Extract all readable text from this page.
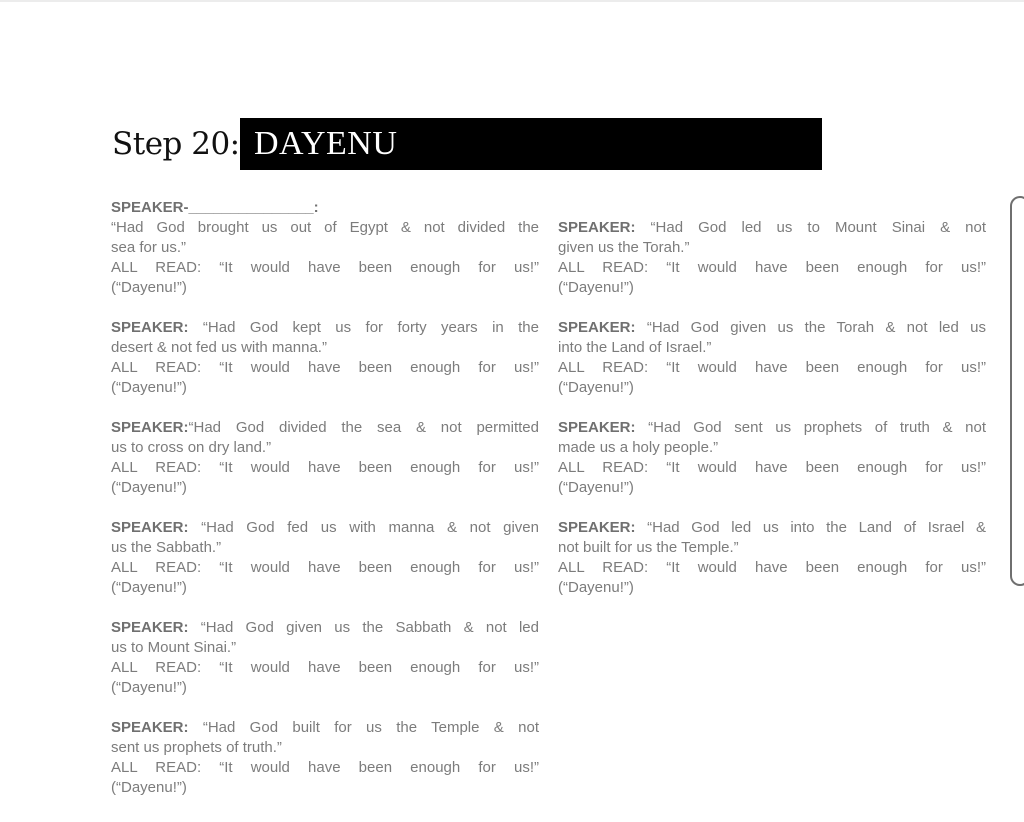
Step 20: DAYENU
SPEAKER-_______________:
“Had God brought us out of Egypt & not divided the
sea for us.”
ALL READ: “It would have been enough for us!”
(“Dayenu!”)
SPEAKER: “Had God kept us for forty years in the
desert & not fed us with manna.”
ALL READ: “It would have been enough for us!”
(“Dayenu!”)
SPEAKER:“Had God divided the sea & not permitted
us to cross on dry land.”
ALL READ: “It would have been enough for us!”
(“Dayenu!”)
SPEAKER: “Had God fed us with manna & not given
us the Sabbath.”
ALL READ: “It would have been enough for us!”
(“Dayenu!”)
SPEAKER: “Had God given us the Sabbath & not led
us to Mount Sinai.”
ALL READ: “It would have been enough for us!”
(“Dayenu!”)
SPEAKER: “Had God built for us the Temple & not
sent us prophets of truth.”
ALL READ: “It would have been enough for us!”
(“Dayenu!”)
SPEAKER: “Had God led us to Mount Sinai & not
given us the Torah.”
ALL READ: “It would have been enough for us!”
(“Dayenu!”)
SPEAKER: “Had God given us the Torah & not led us
into the Land of Israel.”
ALL READ: “It would have been enough for us!”
(“Dayenu!”)
SPEAKER: “Had God sent us prophets of truth & not
made us a holy people.”
ALL READ: “It would have been enough for us!”
(“Dayenu!”)
SPEAKER: “Had God led us into the Land of Israel &
not built for us the Temple.”
ALL READ: “It would have been enough for us!”
(“Dayenu!”)
